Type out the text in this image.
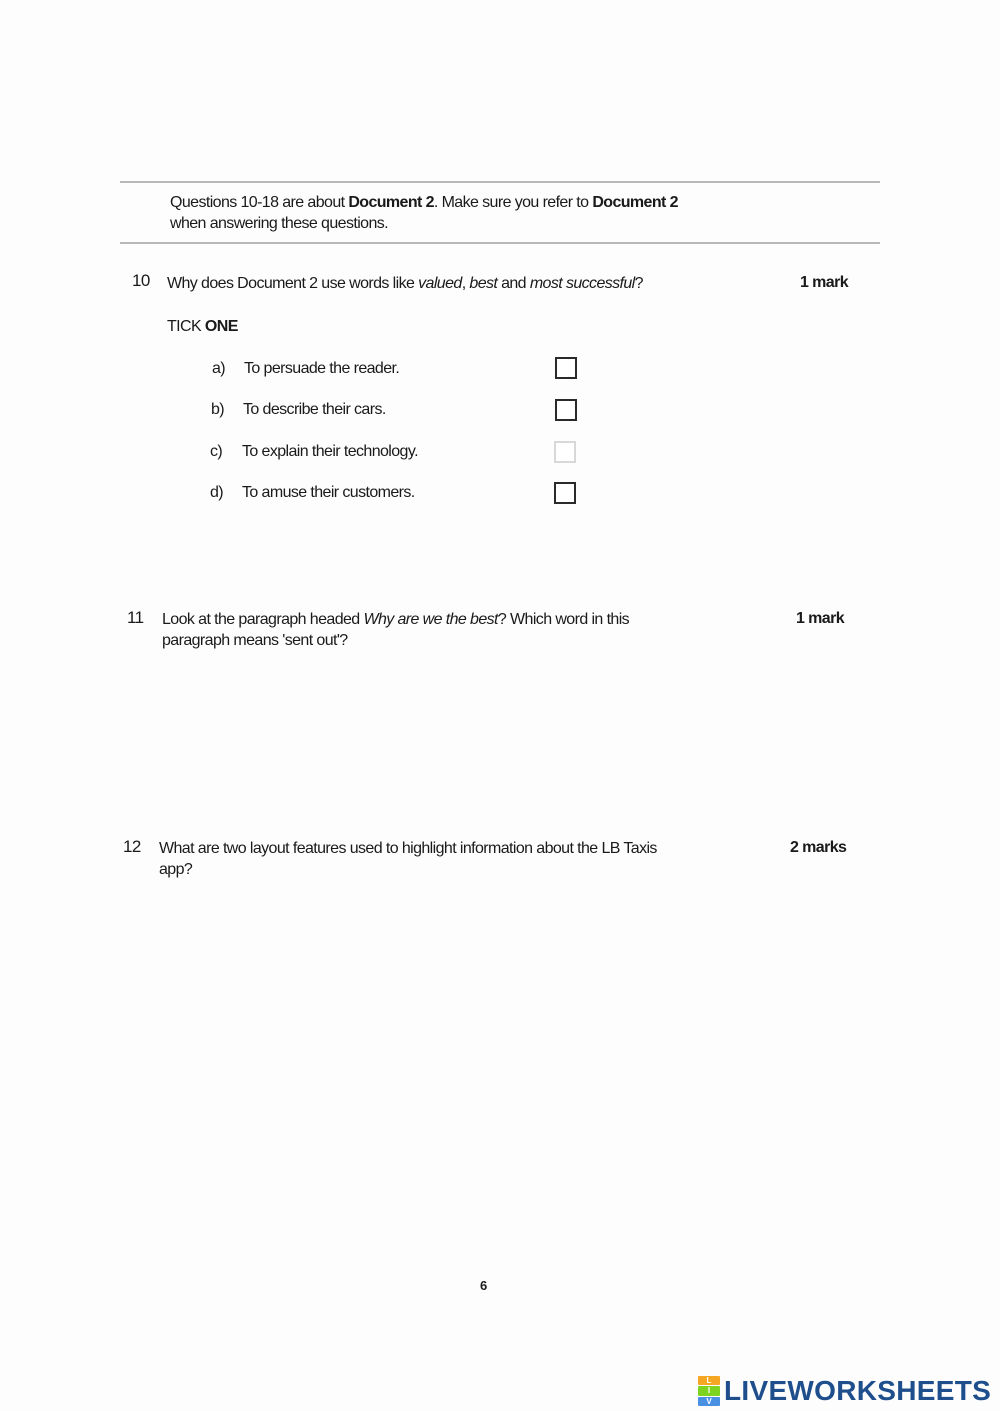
Questions 10-18 are about Document 2. Make sure you refer to Document 2
when answering these questions.
10 Why does Document 2 use words like valued, best and most successful?	1 mark
TICK ONE
a)	To persuade the reader.
b)	To describe their cars.
c)	To explain their technology.
d)	To amuse their customers.
11 Look at the paragraph headed Why are we the best? Which word in this
paragraph means 'sent out'?
1 mark
12 What are two layout features used to highlight information about the LB Taxis
app?
2 marks
6
L
I
V LIVEWORKSHEETS
